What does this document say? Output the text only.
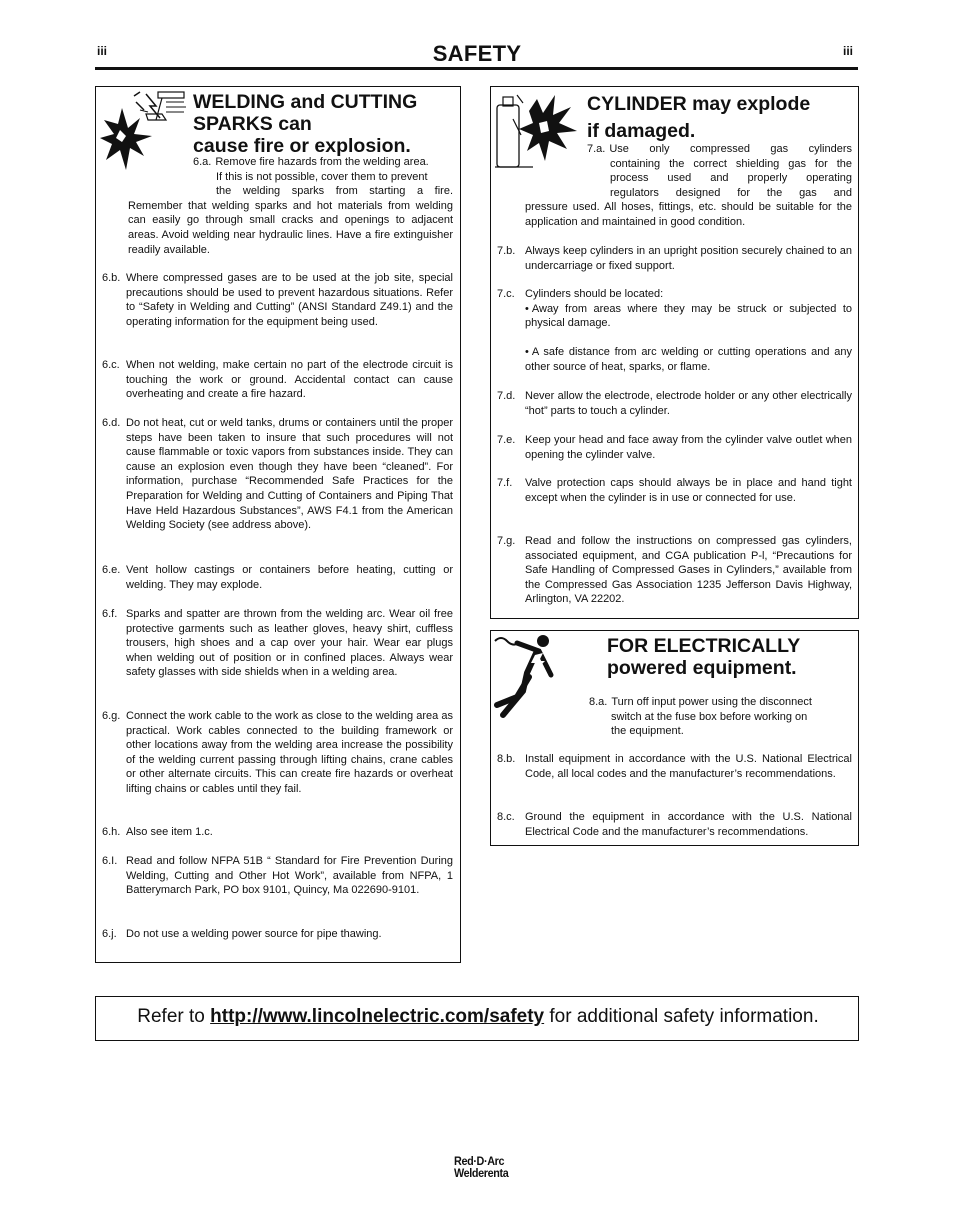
iii	iii
SAFETY
WELDING and CUTTING
SPARKS can
cause fire or explosion.

6.a. Remove fire hazards from the welding area.

If this is not possible, cover them to prevent

the welding sparks from starting a fire.

Remember that welding sparks and hot materials from welding can easily go through small cracks and openings to adjacent areas. Avoid welding near hydraulic lines. Have a fire extinguisher readily available.

6.b. Where compressed gases are to be used at the job site, special precautions should be used to prevent hazardous situations. Refer to “Safety in Welding and Cutting” (ANSI Standard Z49.1) and the operating information for the equipment being used.
6.c. When not welding, make certain no part of the electrode circuit is touching the work or ground. Accidental contact can cause overheating and create a fire hazard.
6.d. Do not heat, cut or weld tanks, drums or containers until the proper steps have been taken to insure that such procedures will not cause flammable or toxic vapors from substances inside. They can cause an explosion even though they have been “cleaned”. For information, purchase “Recommended Safe Practices for the Preparation for Welding and Cutting of Containers and Piping That Have Held Hazardous Substances”, AWS F4.1 from the American Welding Society (see address above).
6.e. Vent hollow castings or containers before heating, cutting or welding. They may explode.
6.f. Sparks and spatter are thrown from the welding arc. Wear oil free protective garments such as leather gloves, heavy shirt, cuffless trousers, high shoes and a cap over your hair. Wear ear plugs when welding out of position or in confined places. Always wear safety glasses with side shields when in a welding area.
6.g. Connect the work cable to the work as close to the welding area as practical. Work cables connected to the building framework or other locations away from the welding area increase the possibility of the welding current passing through lifting chains, crane cables or other alternate circuits. This can create fire hazards or overheat lifting chains or cables until they fail.
6.h. Also see item 1.c.
6.I. Read and follow NFPA 51B “ Standard for Fire Prevention During Welding, Cutting and Other Hot Work”, available from NFPA, 1 Batterymarch Park, PO box 9101, Quincy, Ma 022690-9101.
6.j. Do not use a welding power source for pipe thawing.
CYLINDER may explode
if damaged.

7.a. Use only compressed gas cylinders

containing the correct shielding gas for the

process used and properly operating

regulators designed for the gas and

pressure used. All hoses, fittings, etc. should be suitable for the application and maintained in good condition.

7.b. Always keep cylinders in an upright position securely chained to an undercarriage or fixed support.
7.c. Cylinders should be located:
• Away from areas where they may be struck or subjected to physical damage.
• A safe distance from arc welding or cutting operations and any other source of heat, sparks, or flame.
7.d. Never allow the electrode, electrode holder or any other electrically “hot” parts to touch a cylinder.
7.e. Keep your head and face away from the cylinder valve outlet when opening the cylinder valve.
7.f. Valve protection caps should always be in place and hand tight except when the cylinder is in use or connected for use.
7.g. Read and follow the instructions on compressed gas cylinders, associated equipment, and CGA publication P-l, “Precautions for Safe Handling of Compressed Gases in Cylinders,” available from the Compressed Gas Association 1235 Jefferson Davis Highway, Arlington, VA 22202.
FOR ELECTRICALLY
powered equipment.

8.a. Turn off input power using the disconnect

switch at the fuse box before working on

the equipment.

8.b. Install equipment in accordance with the U.S. National Electrical Code, all local codes and the manufacturer’s recommendations.
8.c. Ground the equipment in accordance with the U.S. National Electrical Code and the manufacturer’s recommendations.
Refer to http://www.lincolnelectric.com/safety for additional safety information.
Red·D·Arc
Welderenta
